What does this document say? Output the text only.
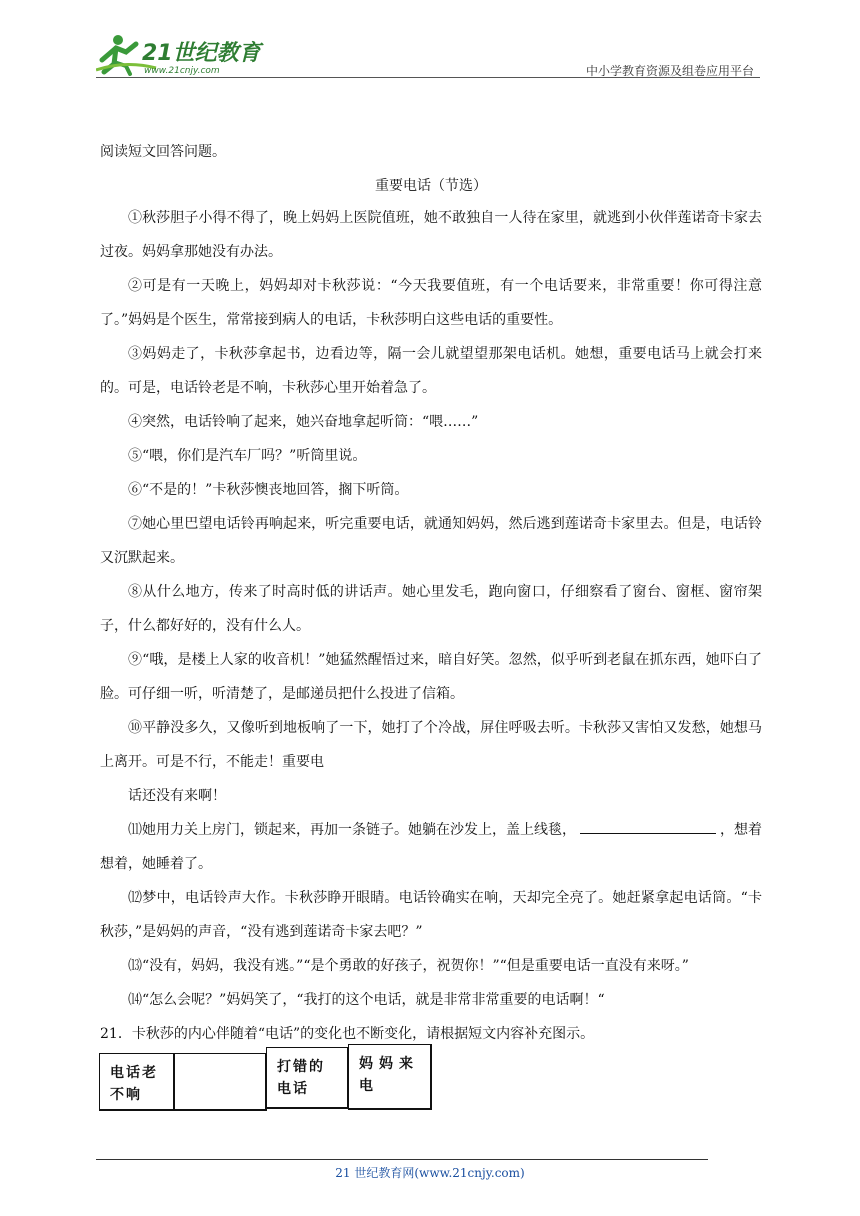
21世纪教育
www.21cnjy.com	中小学教育资源及组卷应用平台

阅读短文回答问题。

重要电话（节选）

①秋莎胆子小得不得了，晚上妈妈上医院值班，她不敢独自一人待在家里，就逃到小伙伴莲诺奇卡家去过夜。妈妈拿那她没有办法。

②可是有一天晚上，妈妈却对卡秋莎说：“今天我要值班，有一个电话要来，非常重要！你可得注意了。”妈妈是个医生，常常接到病人的电话，卡秋莎明白这些电话的重要性。

③妈妈走了，卡秋莎拿起书，边看边等，隔一会儿就望望那架电话机。她想，重要电话马上就会打来的。可是，电话铃老是不响，卡秋莎心里开始着急了。

④突然，电话铃响了起来，她兴奋地拿起听筒：“喂……”

⑤“喂，你们是汽车厂吗？”听筒里说。

⑥“不是的！”卡秋莎懊丧地回答，搁下听筒。

⑦她心里巴望电话铃再响起来，听完重要电话，就通知妈妈，然后逃到莲诺奇卡家里去。但是，电话铃又沉默起来。

⑧从什么地方，传来了时高时低的讲话声。她心里发毛，跑向窗口，仔细察看了窗台、窗框、窗帘架子，什么都好好的，没有什么人。

⑨“哦，是楼上人家的收音机！”她猛然醒悟过来，暗自好笑。忽然，似乎听到老鼠在抓东西，她吓白了脸。可仔细一听，听清楚了，是邮递员把什么投进了信箱。

⑩平静没多久，又像听到地板响了一下，她打了个冷战，屏住呼吸去听。卡秋莎又害怕又发愁，她想马上离开。可是不行，不能走！重要电

话还没有来啊！

⑾她用力关上房门，锁起来，再加一条链子。她躺在沙发上，盖上线毯，	，想着想着，她睡着了。

⑿梦中，电话铃声大作。卡秋莎睁开眼睛。电话铃确实在响，天却完全亮了。她赶紧拿起电话筒。“卡秋莎，”是妈妈的声音，“没有逃到莲诺奇卡家去吧？”

⒀“没有，妈妈，我没有逃。”“是个勇敢的好孩子，祝贺你！”“但是重要电话一直没有来呀。”

⒁“怎么会呢？”妈妈笑了，“我打的这个电话，就是非常非常重要的电话啊！“

21．卡秋莎的内心伴随着“电话”的变化也不断变化，请根据短文内容补充图示。

电话老不响
打错的电话
妈妈来电
21 世纪教育网(www.21cnjy.com)
